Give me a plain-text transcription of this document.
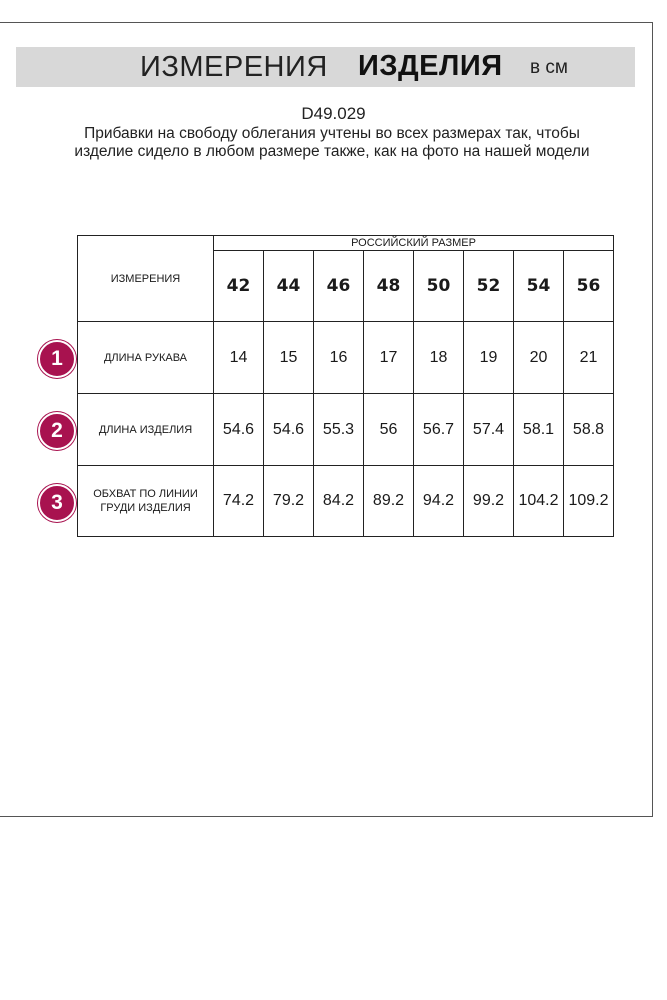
ИЗМЕРЕНИЯ ИЗДЕЛИЯ в см
D49.029
Прибавки на свободу облегания учтены во всех размерах так, чтобы изделие сидело в любом размере также, как на фото на нашей модели
ИЗМЕРЕНИЯ	РОССИЙСКИЙ РАЗМЕР							
	42	44	46	48	50	52	54	56
ДЛИНА РУКАВА	14	15	16	17	18	19	20	21
ДЛИНА ИЗДЕЛИЯ	54.6	54.6	55.3	56	56.7	57.4	58.1	58.8
ОБХВАТ ПО ЛИНИИ ГРУДИ ИЗДЕЛИЯ	74.2	79.2	84.2	89.2	94.2	99.2	104.2	109.2
1
2
3
